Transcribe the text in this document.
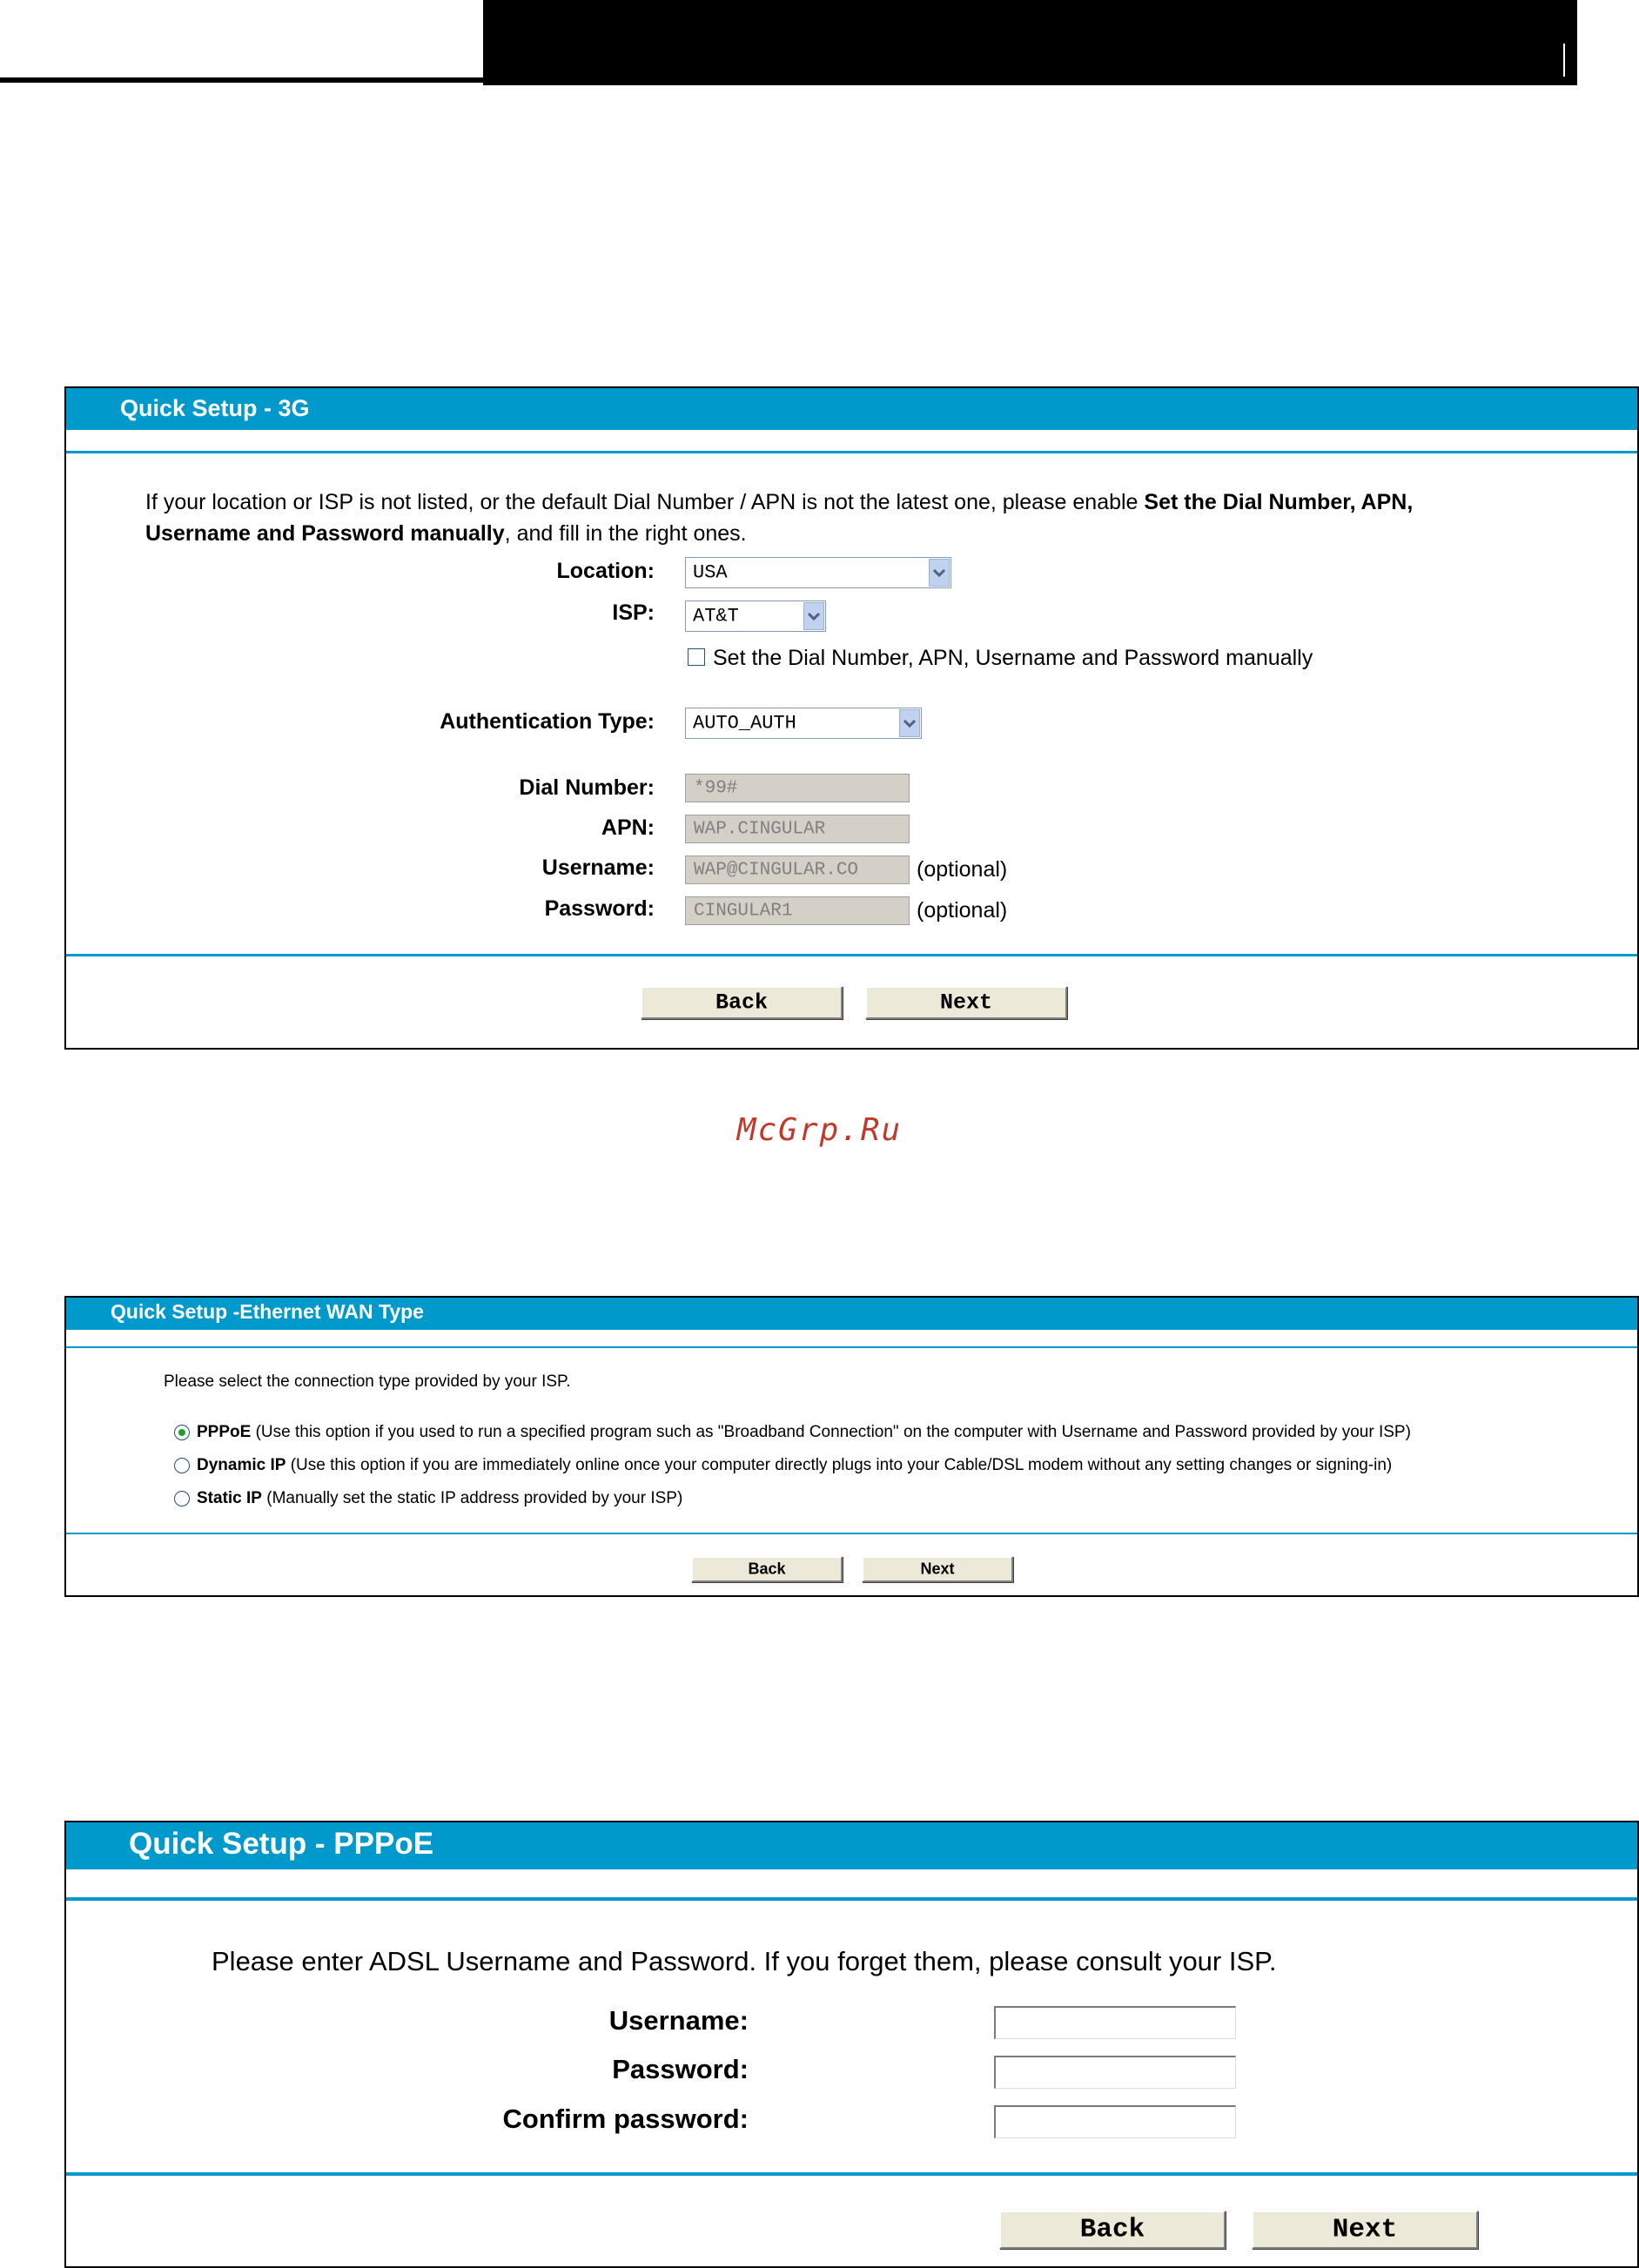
Quick Setup - 3G
If your location or ISP is not listed, or the default Dial Number / APN is not the latest one, please enable Set the Dial Number, APN,
Username and Password manually, and fill in the right ones.
Location: USA
ISP: AT&T
Set the Dial Number, APN, Username and Password manually
Authentication Type: AUTO_AUTH
Dial Number: *99#
APN: WAP.CINGULAR
Username: WAP@CINGULAR.CO	(optional)
Password: CINGULAR1	(optional)
Back	Next
McGrp.Ru
Quick Setup -Ethernet WAN Type
Please select the connection type provided by your ISP.
PPPoE (Use this option if you used to run a specified program such as "Broadband Connection" on the computer with Username and Password provided by your ISP)
Dynamic IP (Use this option if you are immediately online once your computer directly plugs into your Cable/DSL modem without any setting changes or signing-in)
Static IP (Manually set the static IP address provided by your ISP)
Back	Next
Quick Setup - PPPoE
Please enter ADSL Username and Password. If you forget them, please consult your ISP.
Username:
Password:
Confirm password:
Back	Next
